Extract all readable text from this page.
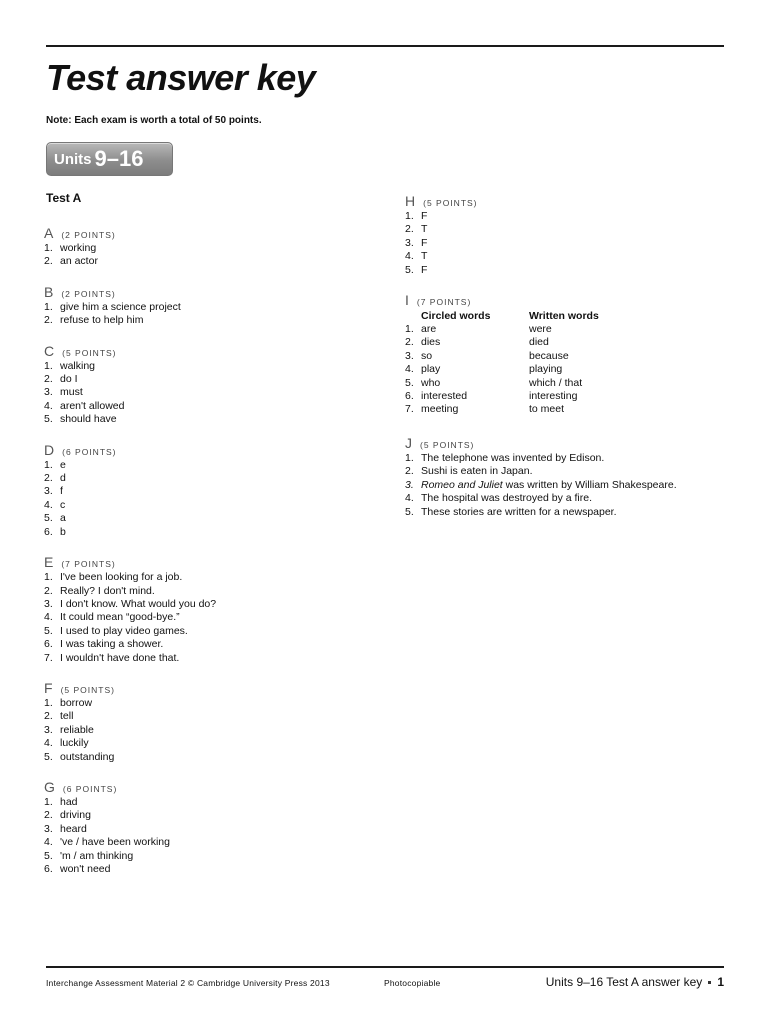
Test answer key
Note: Each exam is worth a total of 50 points.
Units 9–16
Test A
A (2 POINTS)
1. working
2. an actor
B (2 POINTS)
1. give him a science project
2. refuse to help him
C (5 POINTS)
1. walking
2. do I
3. must
4. aren't allowed
5. should have
D (6 POINTS)
1. e
2. d
3. f
4. c
5. a
6. b
E (7 POINTS)
1. I've been looking for a job.
2. Really? I don't mind.
3. I don't know. What would you do?
4. It could mean “good-bye.”
5. I used to play video games.
6. I was taking a shower.
7. I wouldn't have done that.
F (5 POINTS)
1. borrow
2. tell
3. reliable
4. luckily
5. outstanding
G (6 POINTS)
1. had
2. driving
3. heard
4. 've / have been working
5. 'm / am thinking
6. won't need
H (5 POINTS)
1. F
2. T
3. F
4. T
5. F
I (7 POINTS)
Circled words	Written words
1. are	were
2. dies	died
3. so	because
4. play	playing
5. who	which / that
6. interested	interesting
7. meeting	to meet
J (5 POINTS)
1. The telephone was invented by Edison.
2. Sushi is eaten in Japan.
3. Romeo and Juliet was written by William Shakespeare.
4. The hospital was destroyed by a fire.
5. These stories are written for a newspaper.
Interchange Assessment Material 2 © Cambridge University Press 2013	Photocopiable	Units 9–16 Test A answer key 1
